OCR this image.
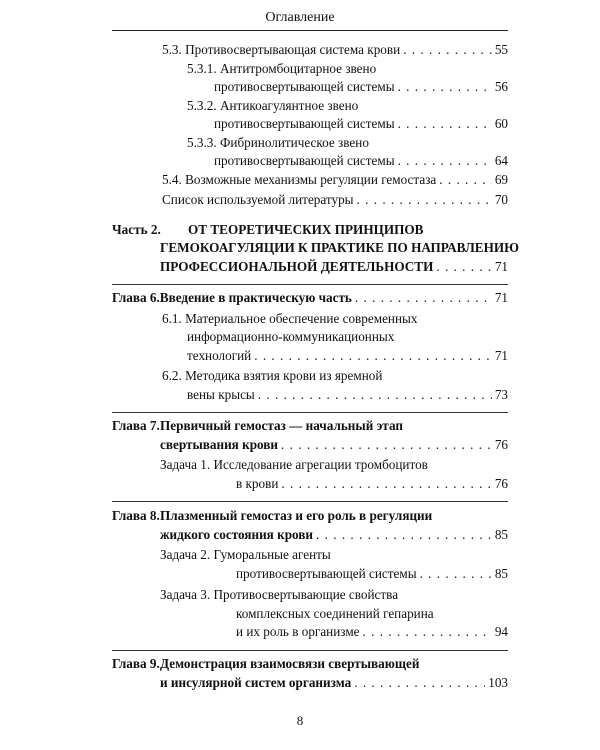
Оглавление
5.3. Противосвертывающая система крови . . .	55
5.3.1. Антитромбоцитарное звено
противосвертывающей системы . . .	56
5.3.2. Антикоагулянтное звено
противосвертывающей системы . . .	60
5.3.3. Фибринолитическое звено
противосвертывающей системы . . .	64
5.4. Возможные механизмы регуляции гемостаза . . .	69
Список используемой литературы . . .	70
Часть 2.	ОТ ТЕОРЕТИЧЕСКИХ ПРИНЦИПОВ
ГЕМОКОАГУЛЯЦИИ К ПРАКТИКЕ ПО НАПРАВЛЕНИЮ
ПРОФЕССИОНАЛЬНОЙ ДЕЯТЕЛЬНОСТИ . . .	71
Глава 6. Введение в практическую часть . . .	71
6.1. Материальное обеспечение современных
информационно-коммуникационных
технологий . . .	71
6.2. Методика взятия крови из яремной
вены крысы . . .	73
Глава 7. Первичный гемостаз — начальный этап
свертывания крови . . .	76
Задача 1. Исследование агрегации тромбоцитов
в крови . . .	76
Глава 8. Плазменный гемостаз и его роль в регуляции
жидкого состояния крови . . .	85
Задача 2. Гуморальные агенты
противосвертывающей системы . . .	85
Задача 3. Противосвертывающие свойства
комплексных соединений гепарина
и их роль в организме . . .	94
Глава 9. Демонстрация взаимосвязи свертывающей
и инсулярной систем организма . . .	103
8
